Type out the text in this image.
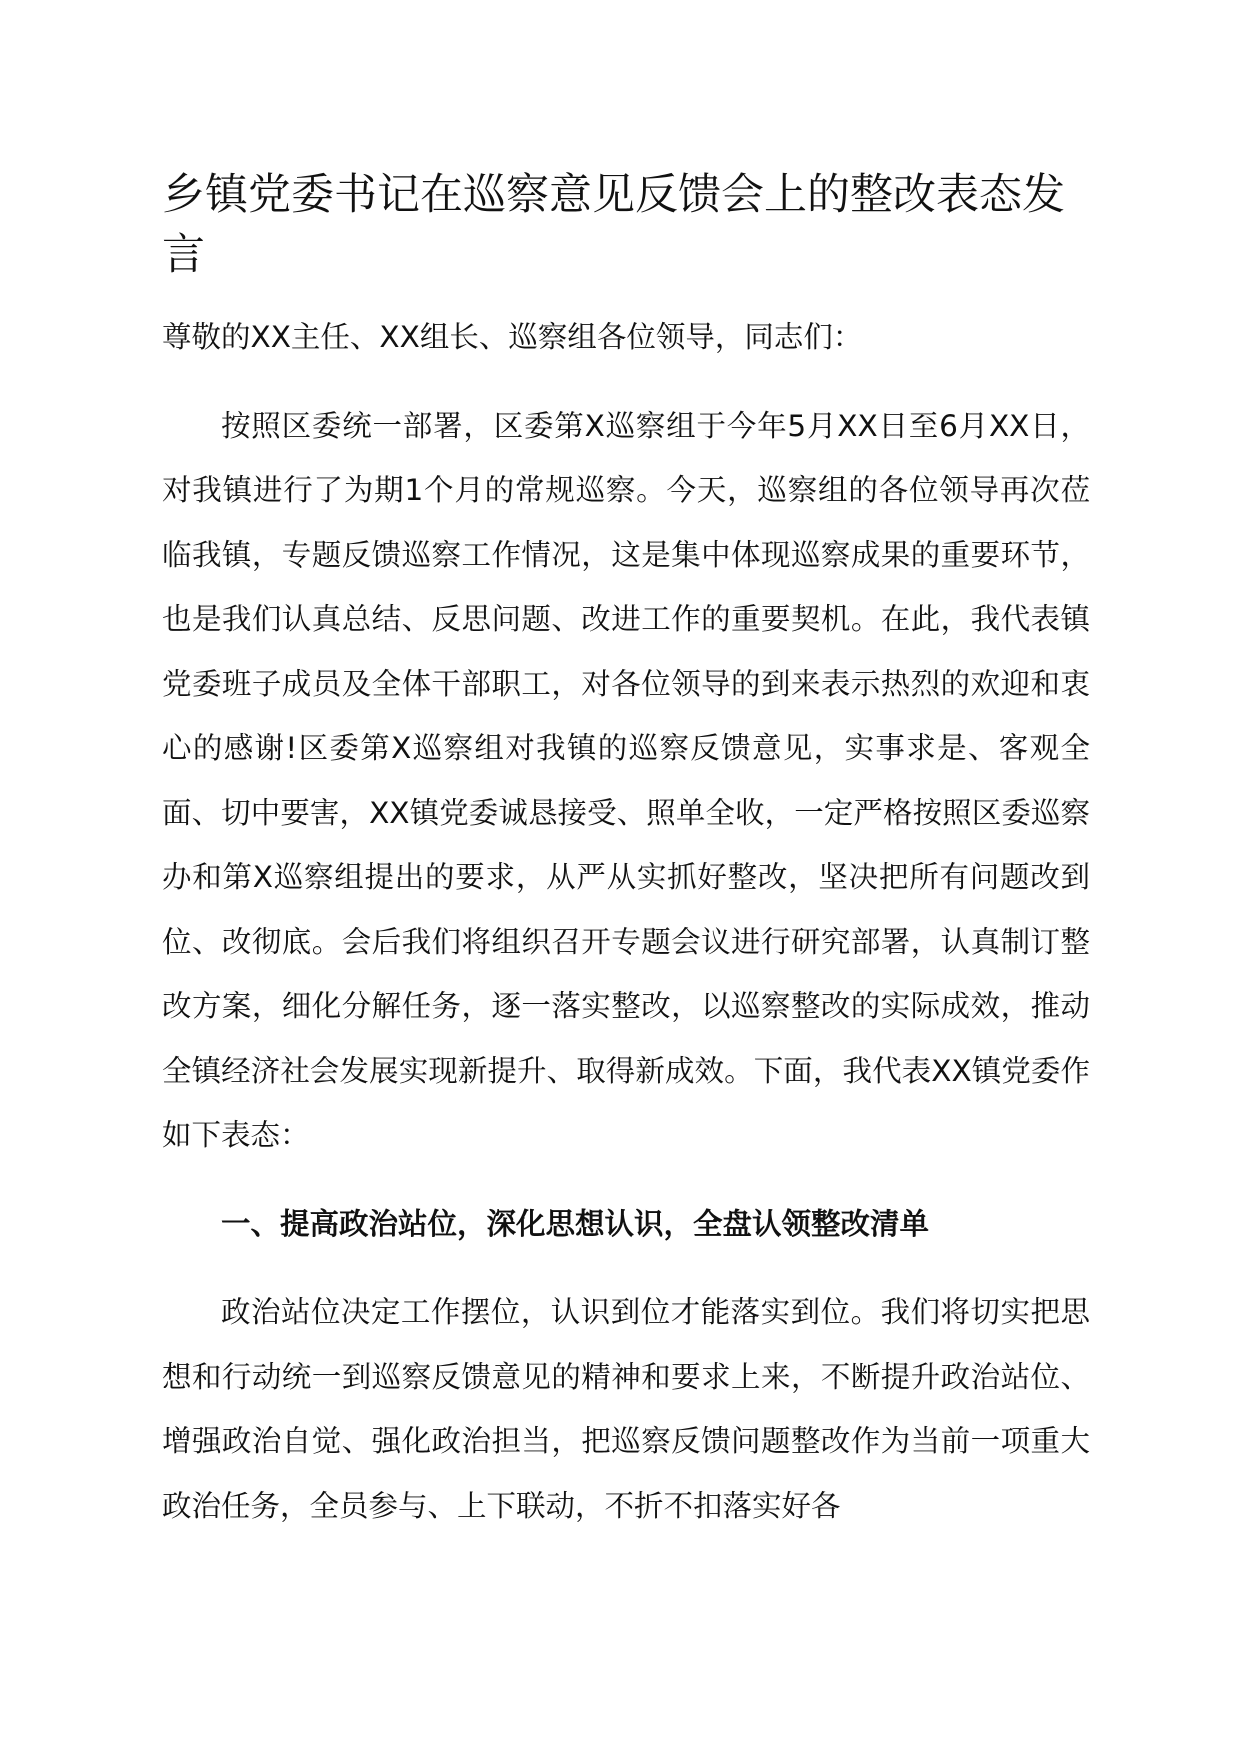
乡镇党委书记在巡察意见反馈会上的整改表态发言

尊敬的XX主任、XX组长、巡察组各位领导，同志们：

按照区委统一部署，区委第X巡察组于今年5月XX日至6月XX日，对我镇进行了为期1个月的常规巡察。今天，巡察组的各位领导再次莅临我镇，专题反馈巡察工作情况，这是集中体现巡察成果的重要环节，也是我们认真总结、反思问题、改进工作的重要契机。在此，我代表镇党委班子成员及全体干部职工，对各位领导的到来表示热烈的欢迎和衷心的感谢!区委第X巡察组对我镇的巡察反馈意见，实事求是、客观全面、切中要害，XX镇党委诚恳接受、照单全收，一定严格按照区委巡察办和第X巡察组提出的要求，从严从实抓好整改，坚决把所有问题改到位、改彻底。会后我们将组织召开专题会议进行研究部署，认真制订整改方案，细化分解任务，逐一落实整改，以巡察整改的实际成效，推动全镇经济社会发展实现新提升、取得新成效。下面，我代表XX镇党委作如下表态：

一、提高政治站位，深化思想认识，全盘认领整改清单

政治站位决定工作摆位，认识到位才能落实到位。我们将切实把思想和行动统一到巡察反馈意见的精神和要求上来，不断提升政治站位、增强政治自觉、强化政治担当，把巡察反馈问题整改作为当前一项重大政治任务，全员参与、上下联动，不折不扣落实好各
